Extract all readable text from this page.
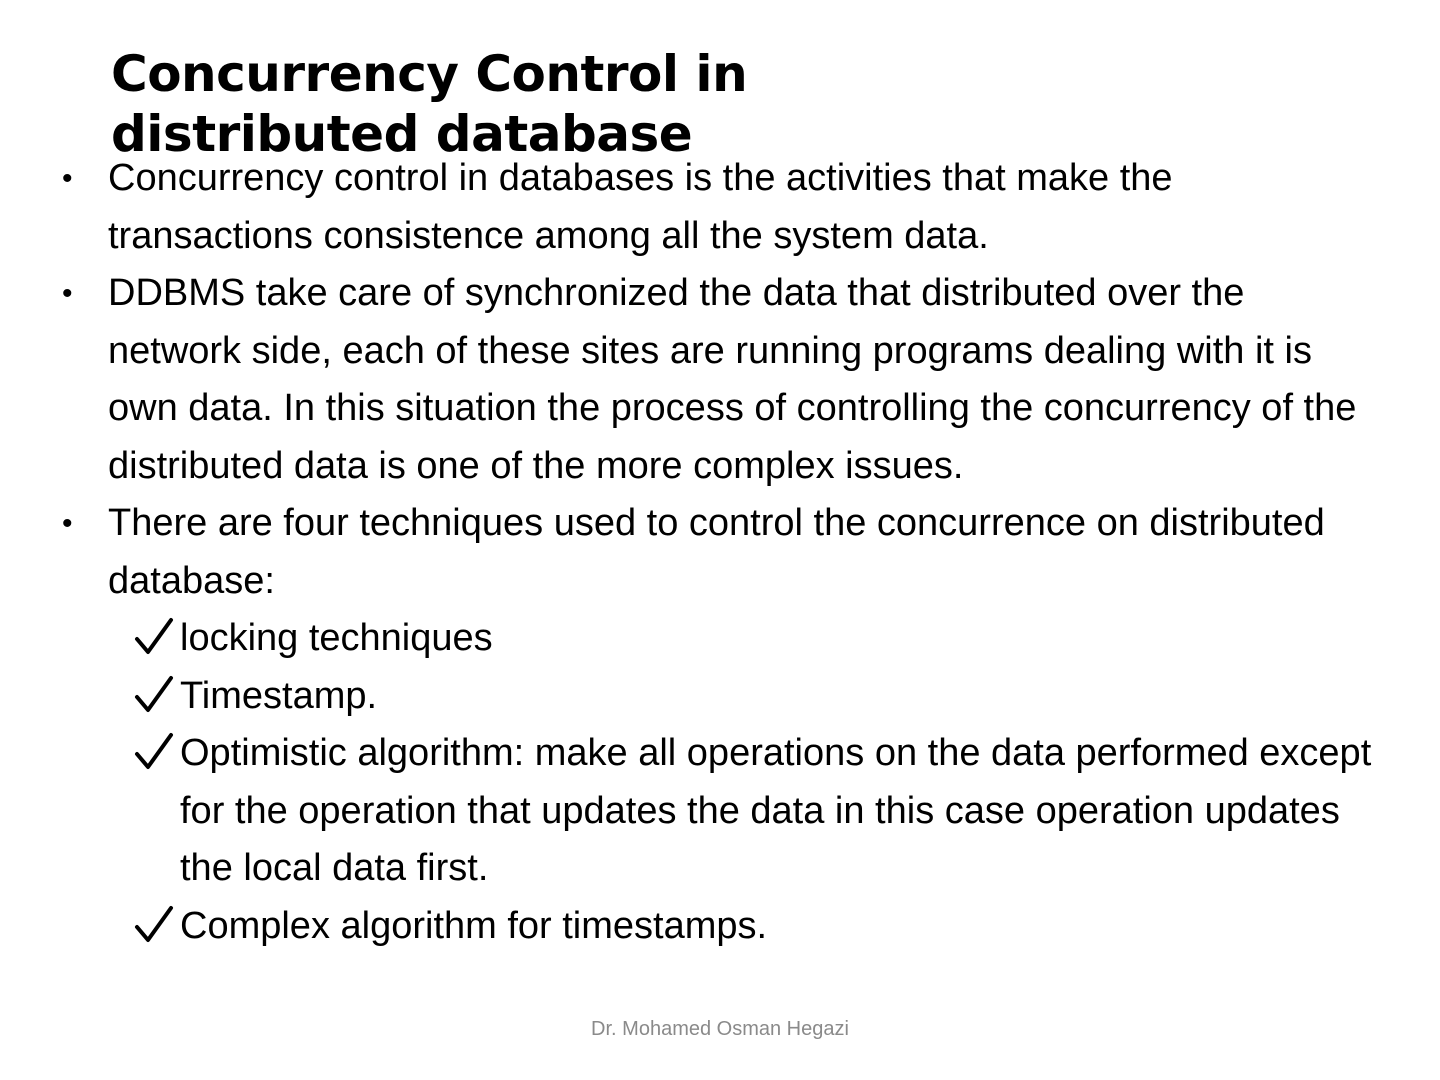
Concurrency Control in distributed database
• Concurrency control in databases is the activities that make the transactions consistence among all the system data.
• DDBMS take care of synchronized the data that distributed over the network side, each of these sites are running programs dealing with it is own data. In this situation the process of controlling the concurrency of the distributed data is one of the more complex issues.
• There are four techniques used to control the concurrence on distributed database:
locking techniques
Timestamp.
Optimistic algorithm: make all operations on the data performed except for the operation that updates the data in this case operation updates the local data first.
Complex algorithm for timestamps.
Dr. Mohamed Osman Hegazi
